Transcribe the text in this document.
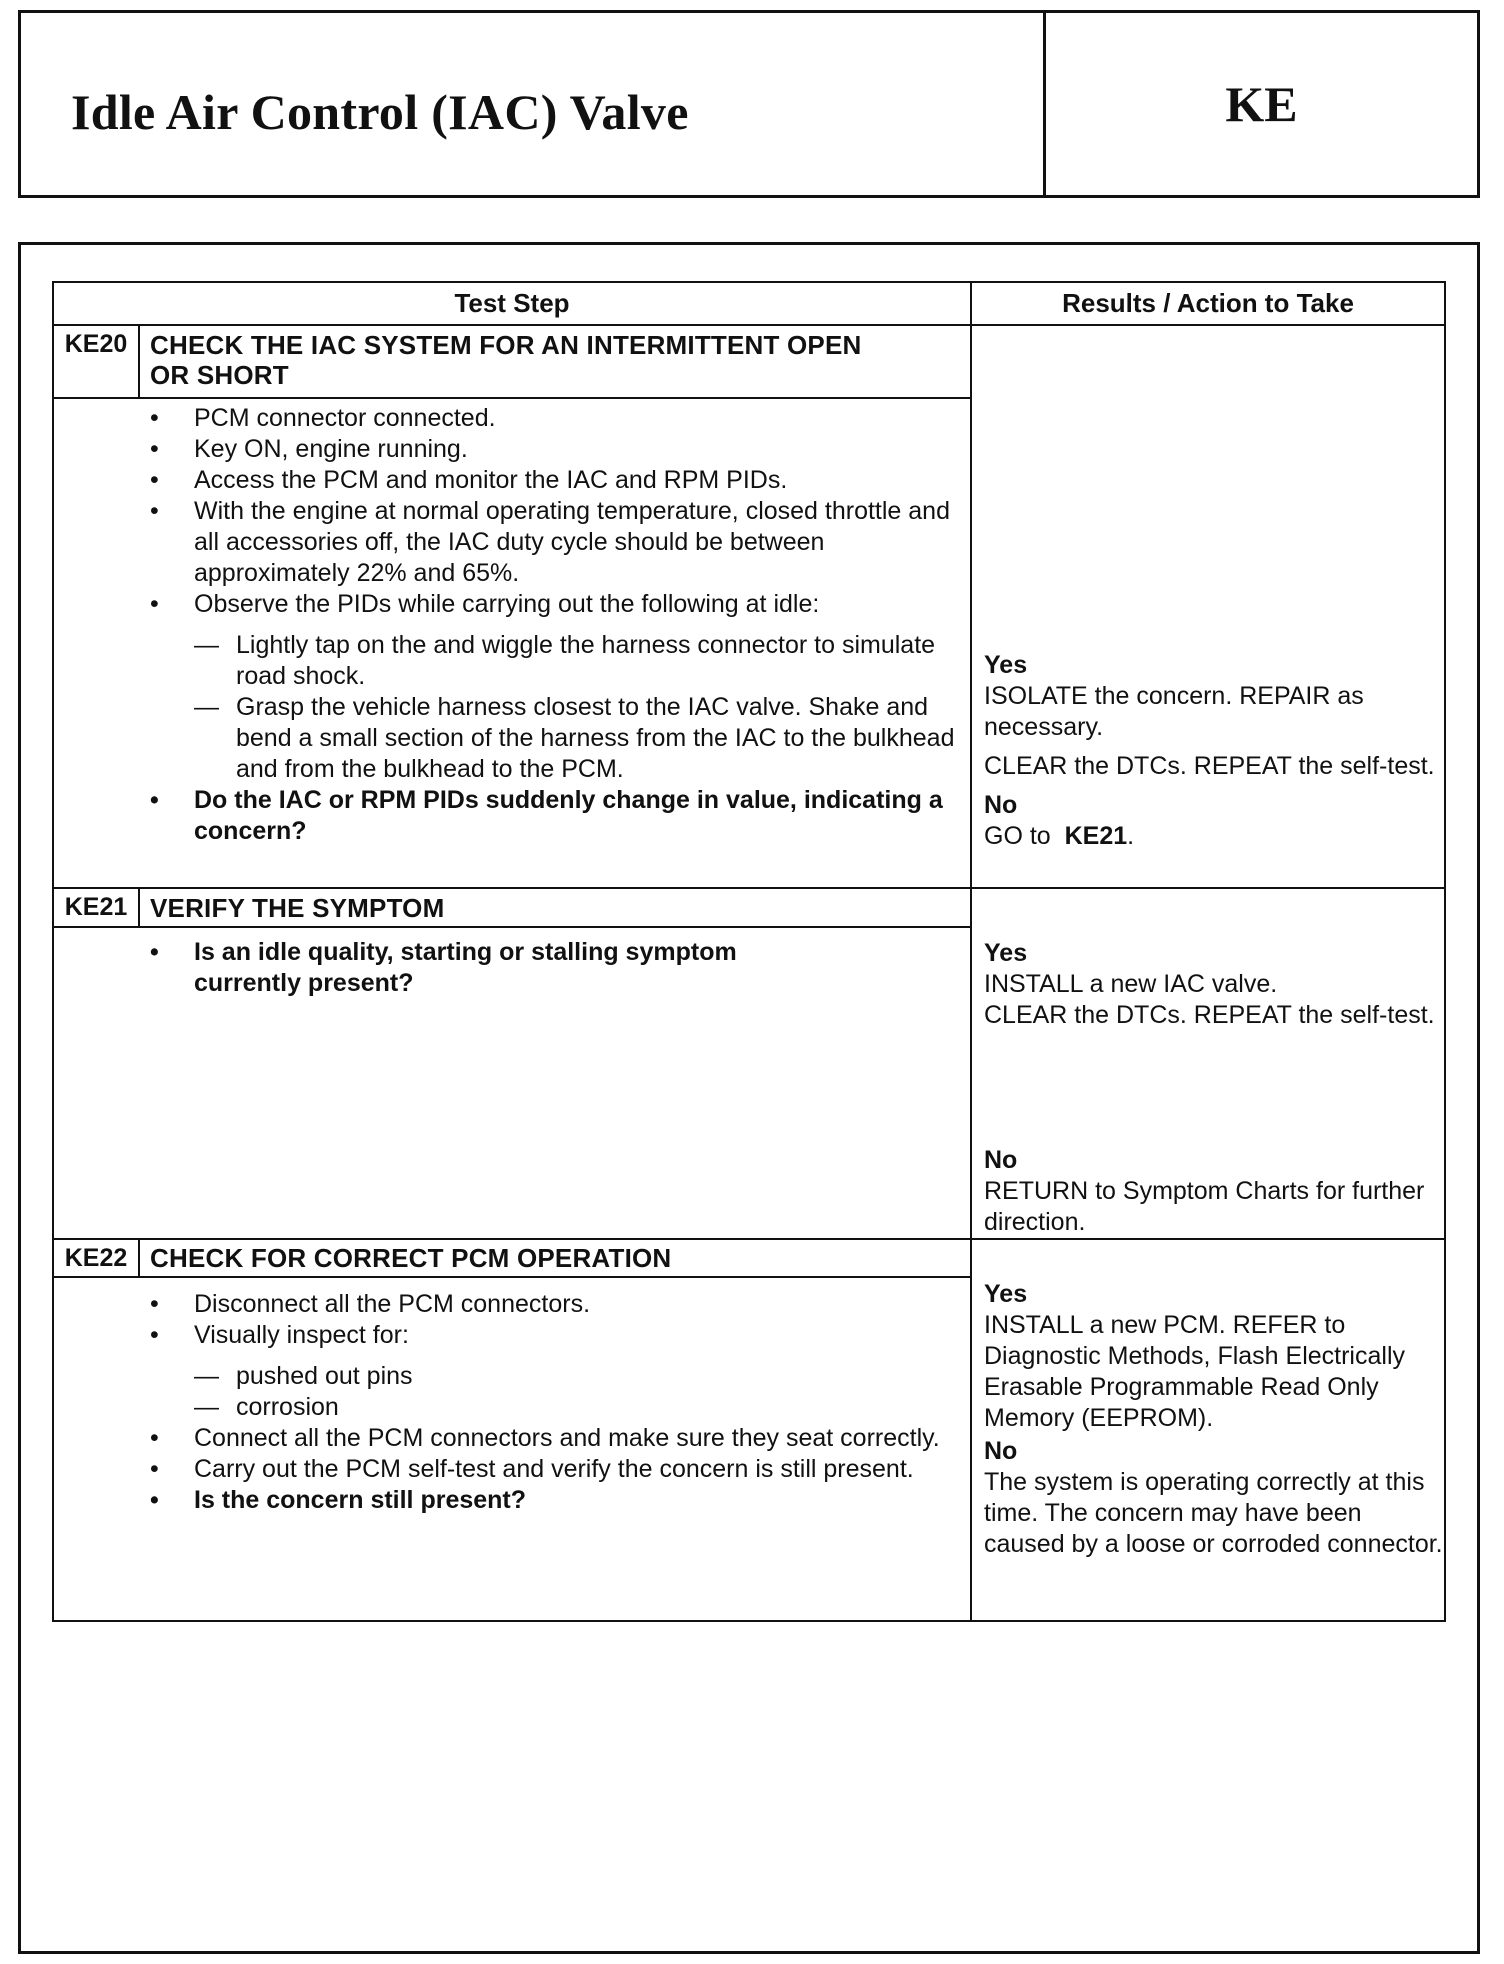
Idle Air Control (IAC) Valve	KE
Test Step	Results / Action to Take
KE20 CHECK THE IAC SYSTEM FOR AN INTERMITTENT OPEN
OR SHORT
•	PCM connector connected.
•	Key ON, engine running.
•	Access the PCM and monitor the IAC and RPM PIDs.
•	With the engine at normal operating temperature, closed throttle and all accessories off, the IAC duty cycle should be between approximately 22% and 65%.
•	Observe the PIDs while carrying out the following at idle:
— Lightly tap on the and wiggle the harness connector to simulate road shock.
— Grasp the vehicle harness closest to the IAC valve. Shake and bend a small section of the harness from the IAC to the bulkhead and from the bulkhead to the PCM.
•	Do the IAC or RPM PIDs suddenly change in value, indicating a concern?
Yes
ISOLATE the concern. REPAIR as necessary.
CLEAR the DTCs. REPEAT the self-test.
No
GO to KE21.
KE21 VERIFY THE SYMPTOM
•	Is an idle quality, starting or stalling symptom currently present?
Yes
INSTALL a new IAC valve.
CLEAR the DTCs. REPEAT the self-test.
No
RETURN to Symptom Charts for further direction.
KE22 CHECK FOR CORRECT PCM OPERATION
•	Disconnect all the PCM connectors.
•	Visually inspect for:
— pushed out pins
— corrosion
•	Connect all the PCM connectors and make sure they seat correctly.
•	Carry out the PCM self-test and verify the concern is still present.
•	Is the concern still present?
Yes
INSTALL a new PCM. REFER to Diagnostic Methods, Flash Electrically Erasable Programmable Read Only Memory (EEPROM).
No
The system is operating correctly at this time. The concern may have been caused by a loose or corroded connector.
